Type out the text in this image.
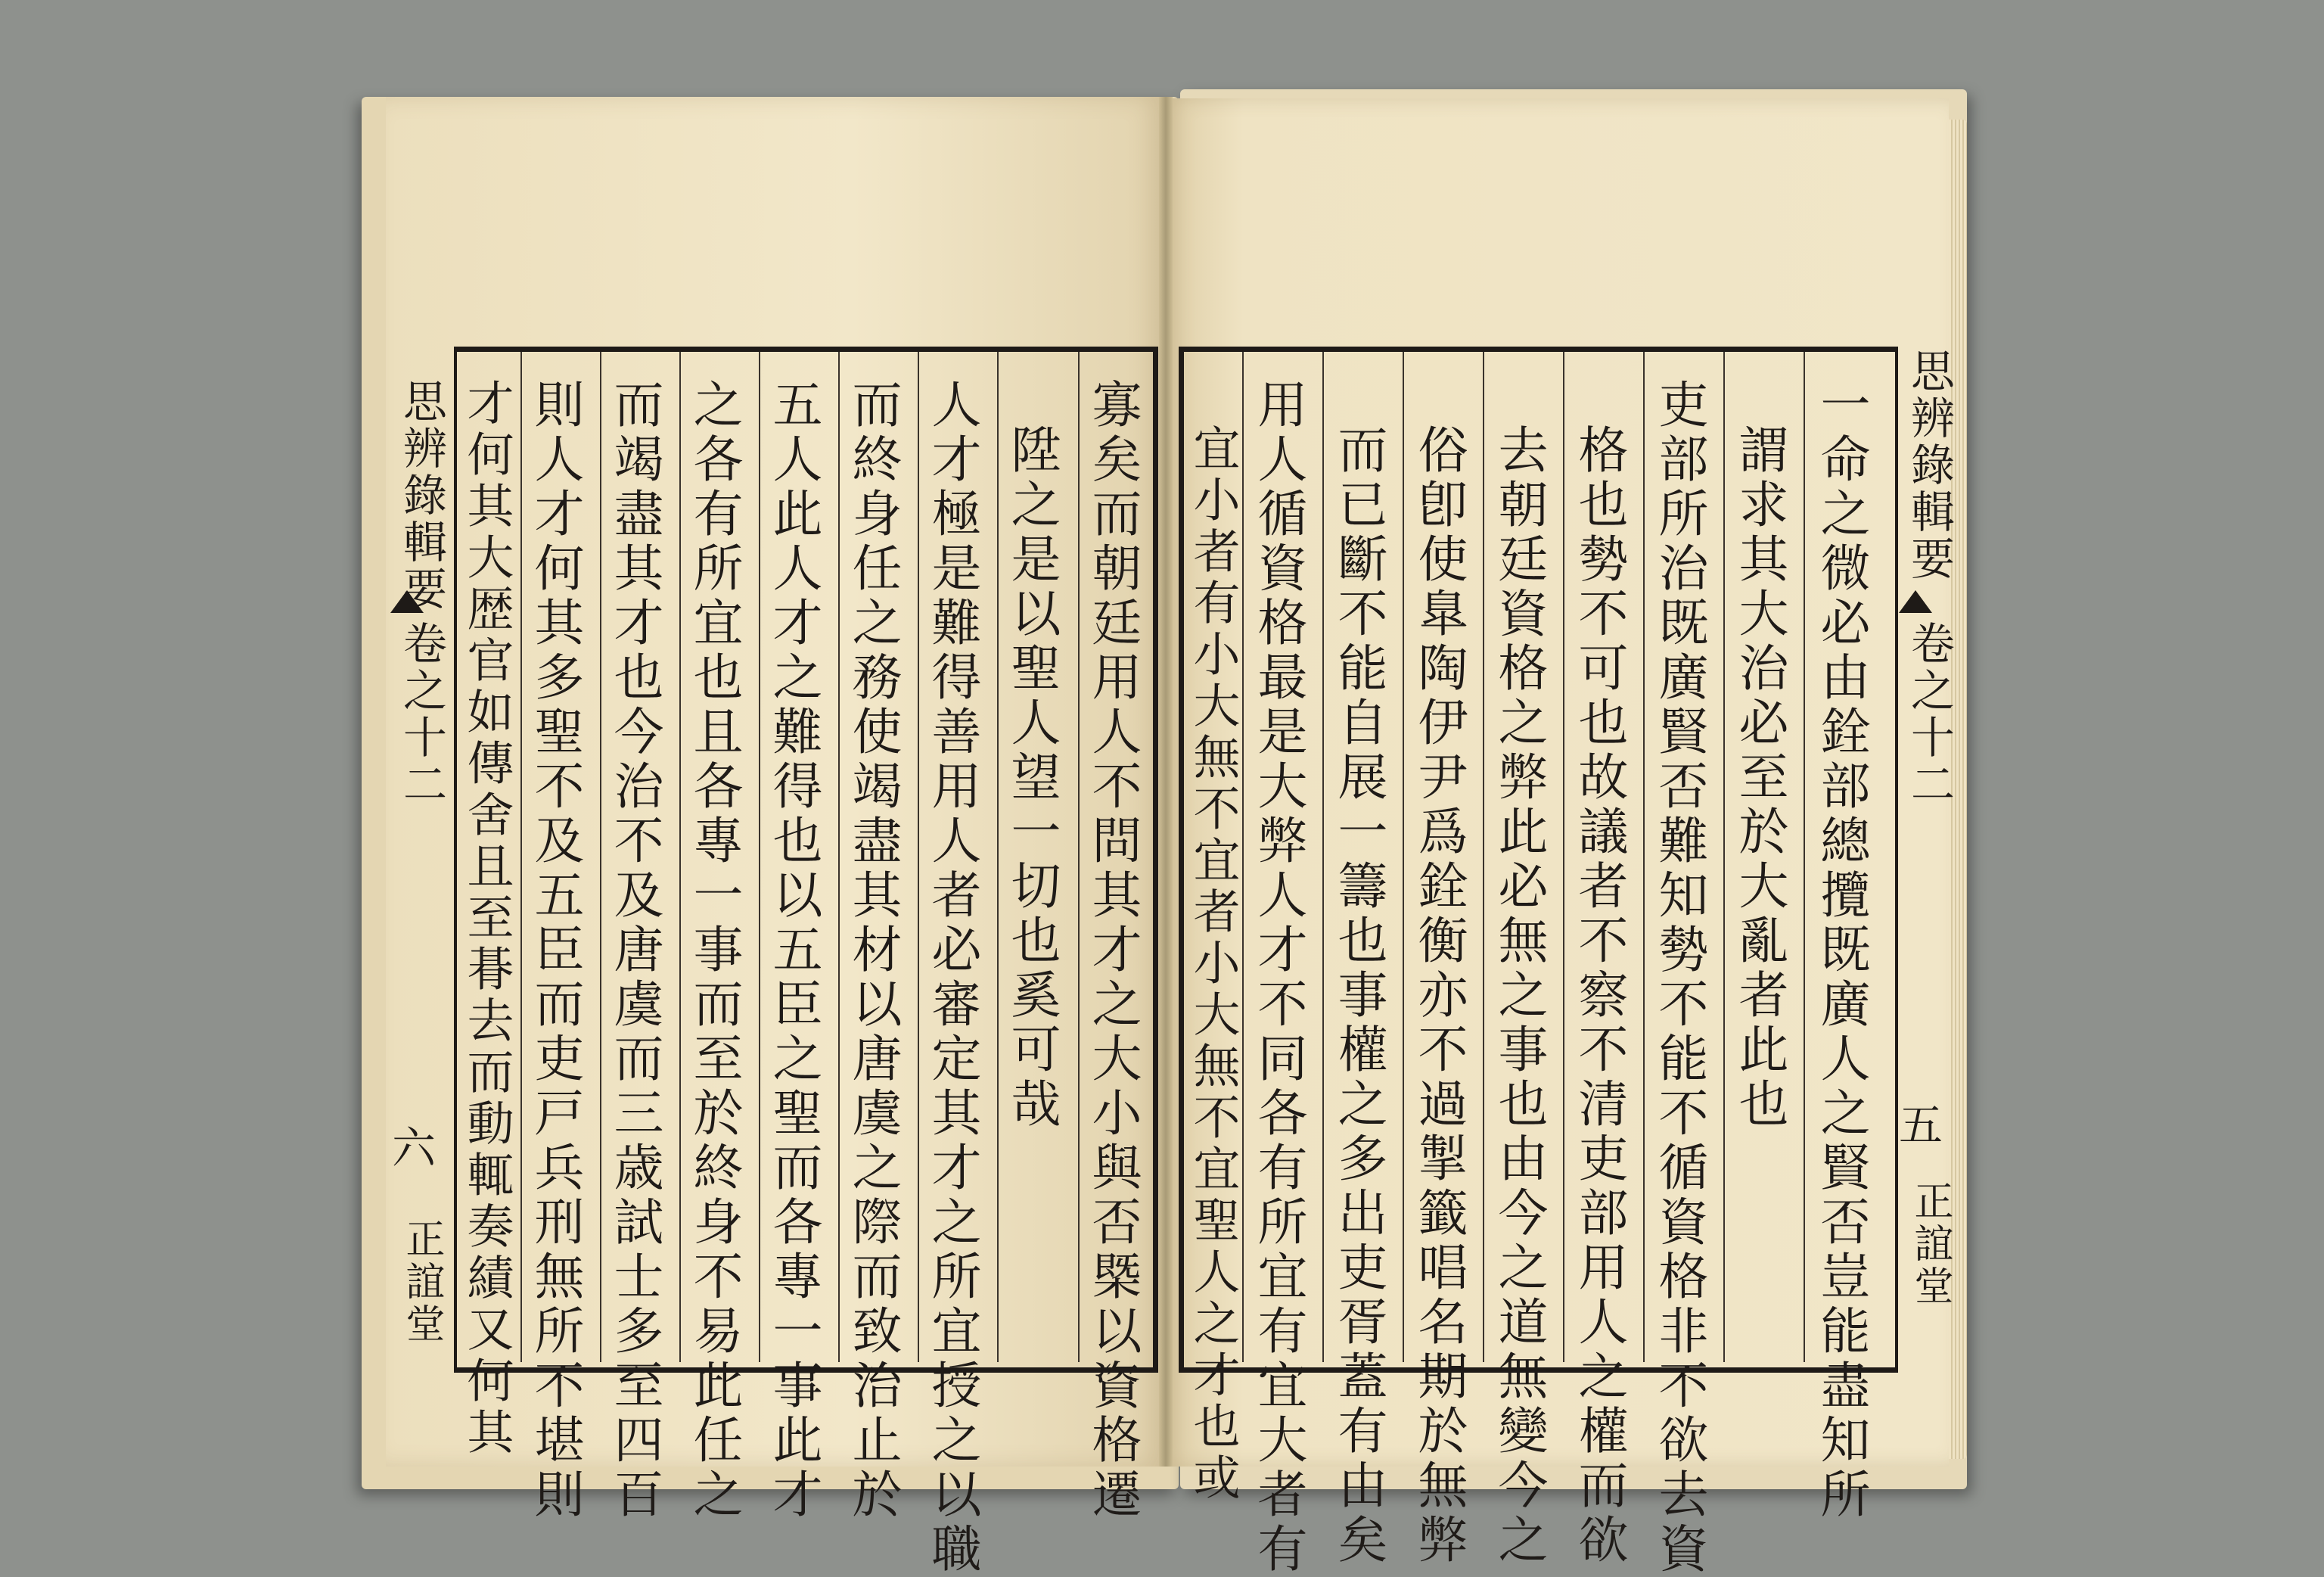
寡矣而朝廷用人不問其才之大小與否槩以資格遷
陞之是以聖人望一切也奚可哉
人才極是難得善用人者必審定其才之所宜授之以職
而終身任之務使竭盡其材以唐虞之際而致治止於
五人此人才之難得也以五臣之聖而各專一事此才
之各有所宜也且各專一事而至於終身不易此任之
而竭盡其才也今治不及唐虞而三歳試士多至四百
則人才何其多聖不及五臣而吏戸兵刑無所不堪則
才何其大歴官如傳舍且至朞去而動輒奏績又何其
思辨錄輯要
卷之十二
六
正誼堂	一命之微必由銓部總攬既廣人之賢否豈能盡知所
謂求其大治必至於大亂者此也
吏部所治既廣賢否難知勢不能不循資格非不欲去資
格也勢不可也故議者不察不清吏部用人之權而欲
去朝廷資格之弊此必無之事也由今之道無變今之
俗卽使臯陶伊尹爲銓衡亦不過掣籤唱名期於無弊
而已斷不能自展一籌也事權之多出吏胥蓋有由矣
用人循資格最是大弊人才不同各有所宜有宜大者有
宜小者有小大無不宜者小大無不宜聖人之才也或	思辨錄輯要
卷之十二
五
正誼堂
